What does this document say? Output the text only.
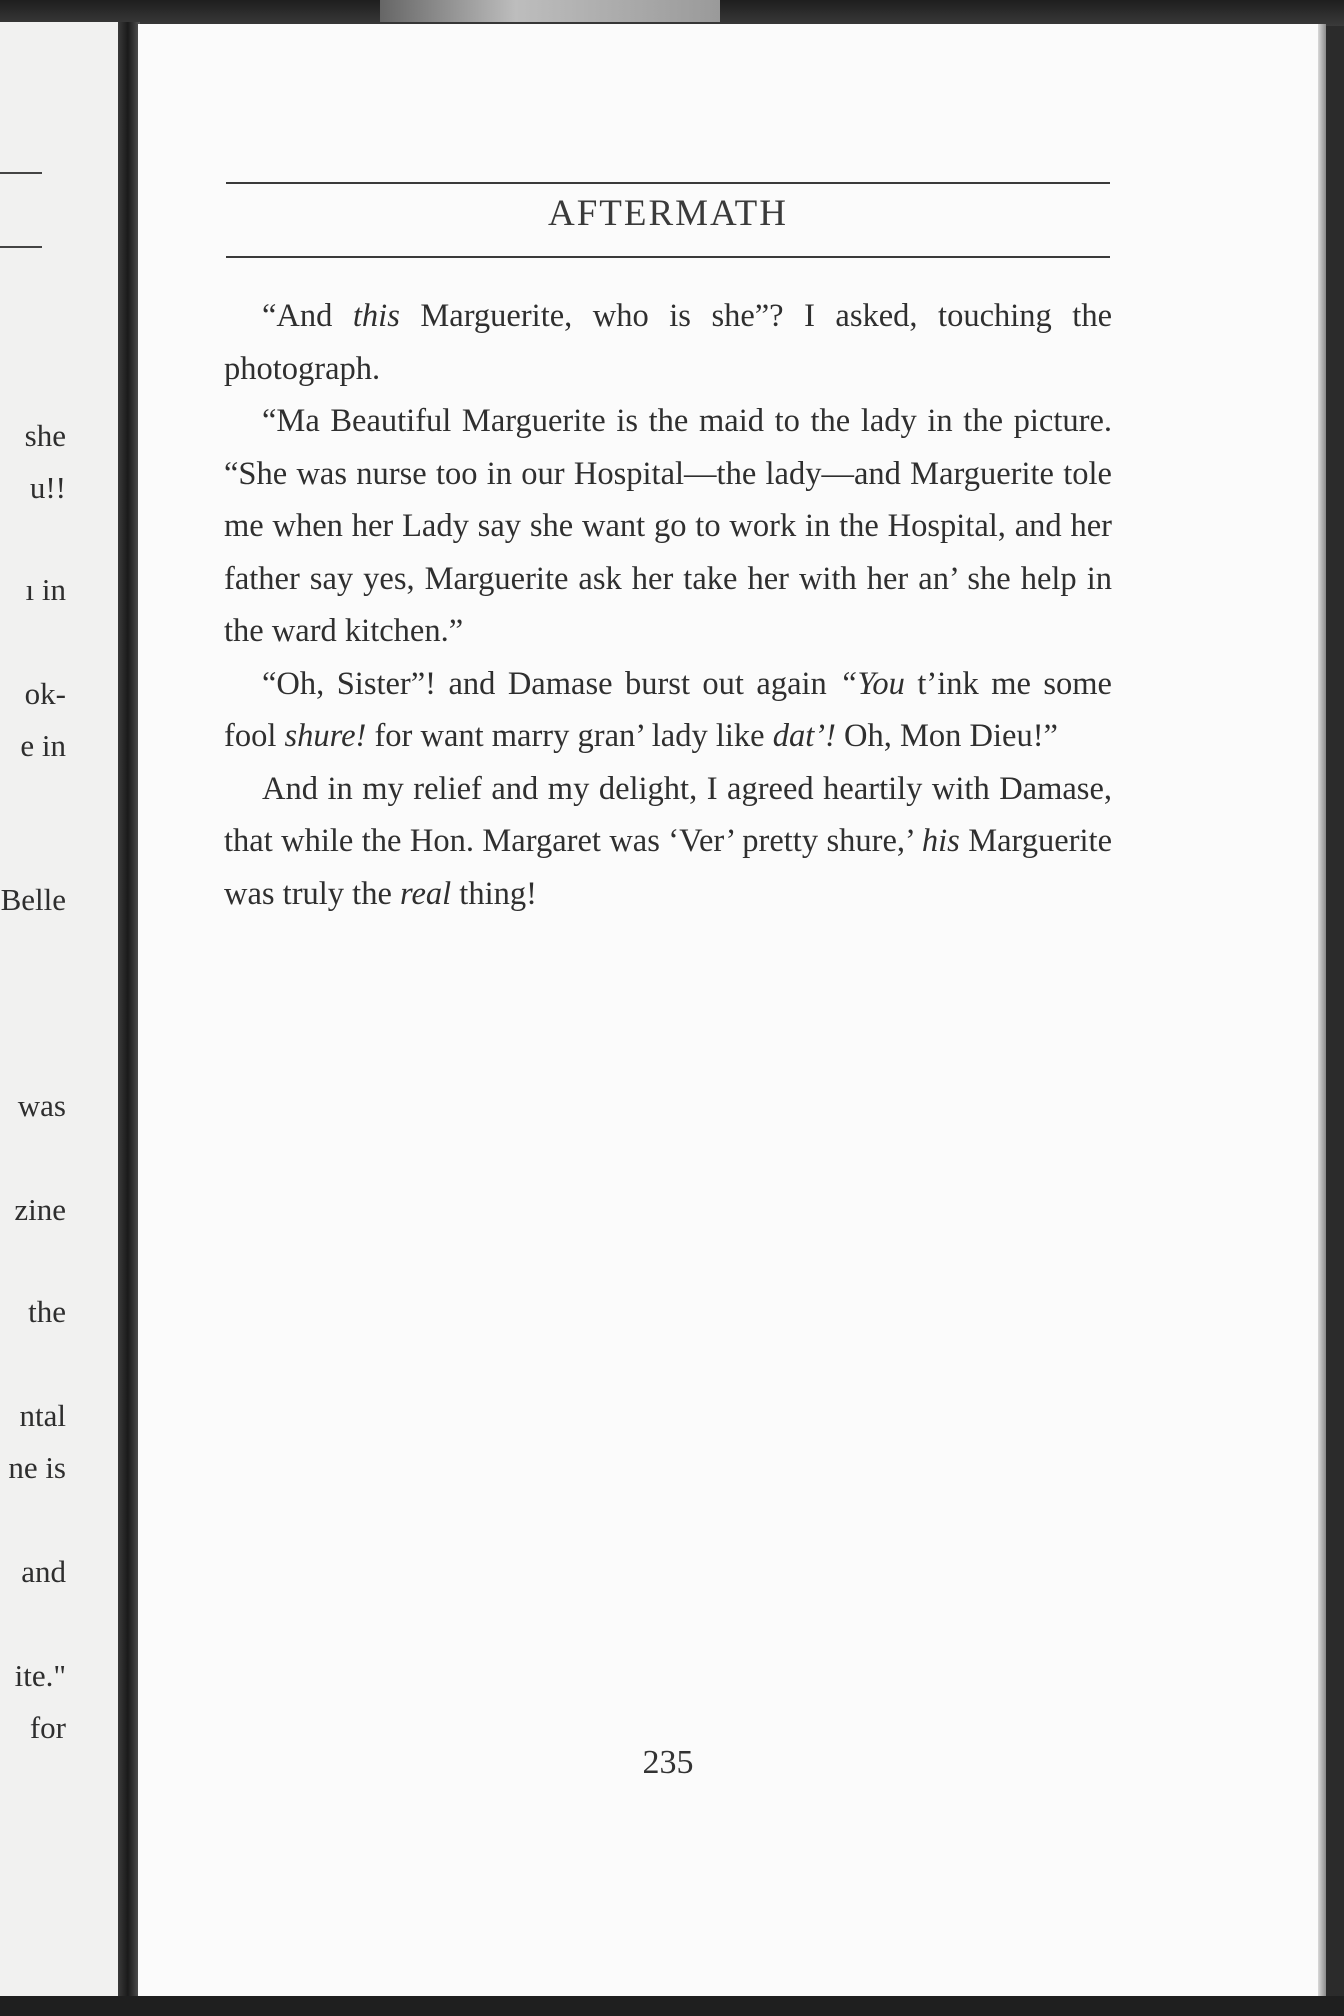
she
u!!
ı in
ok-
e in
Belle
was
zine
the
ntal
ne is
and
ite."
for
AFTERMATH

“And this Marguerite, who is she”? I asked, touching the photograph.

“Ma Beautiful Marguerite is the maid to the lady in the picture. “She was nurse too in our Hospital—the lady—and Marguerite tole me when her Lady say she want go to work in the Hospital, and her father say yes, Marguerite ask her take her with her an’ she help in the ward kitchen.”

“Oh, Sister”! and Damase burst out again “You t’ink me some fool shure! for want marry gran’ lady like dat’! Oh, Mon Dieu!”

And in my relief and my delight, I agreed heartily with Damase, that while the Hon. Margaret was ‘Ver’ pretty shure,’ his Marguerite was truly the real thing!

235
